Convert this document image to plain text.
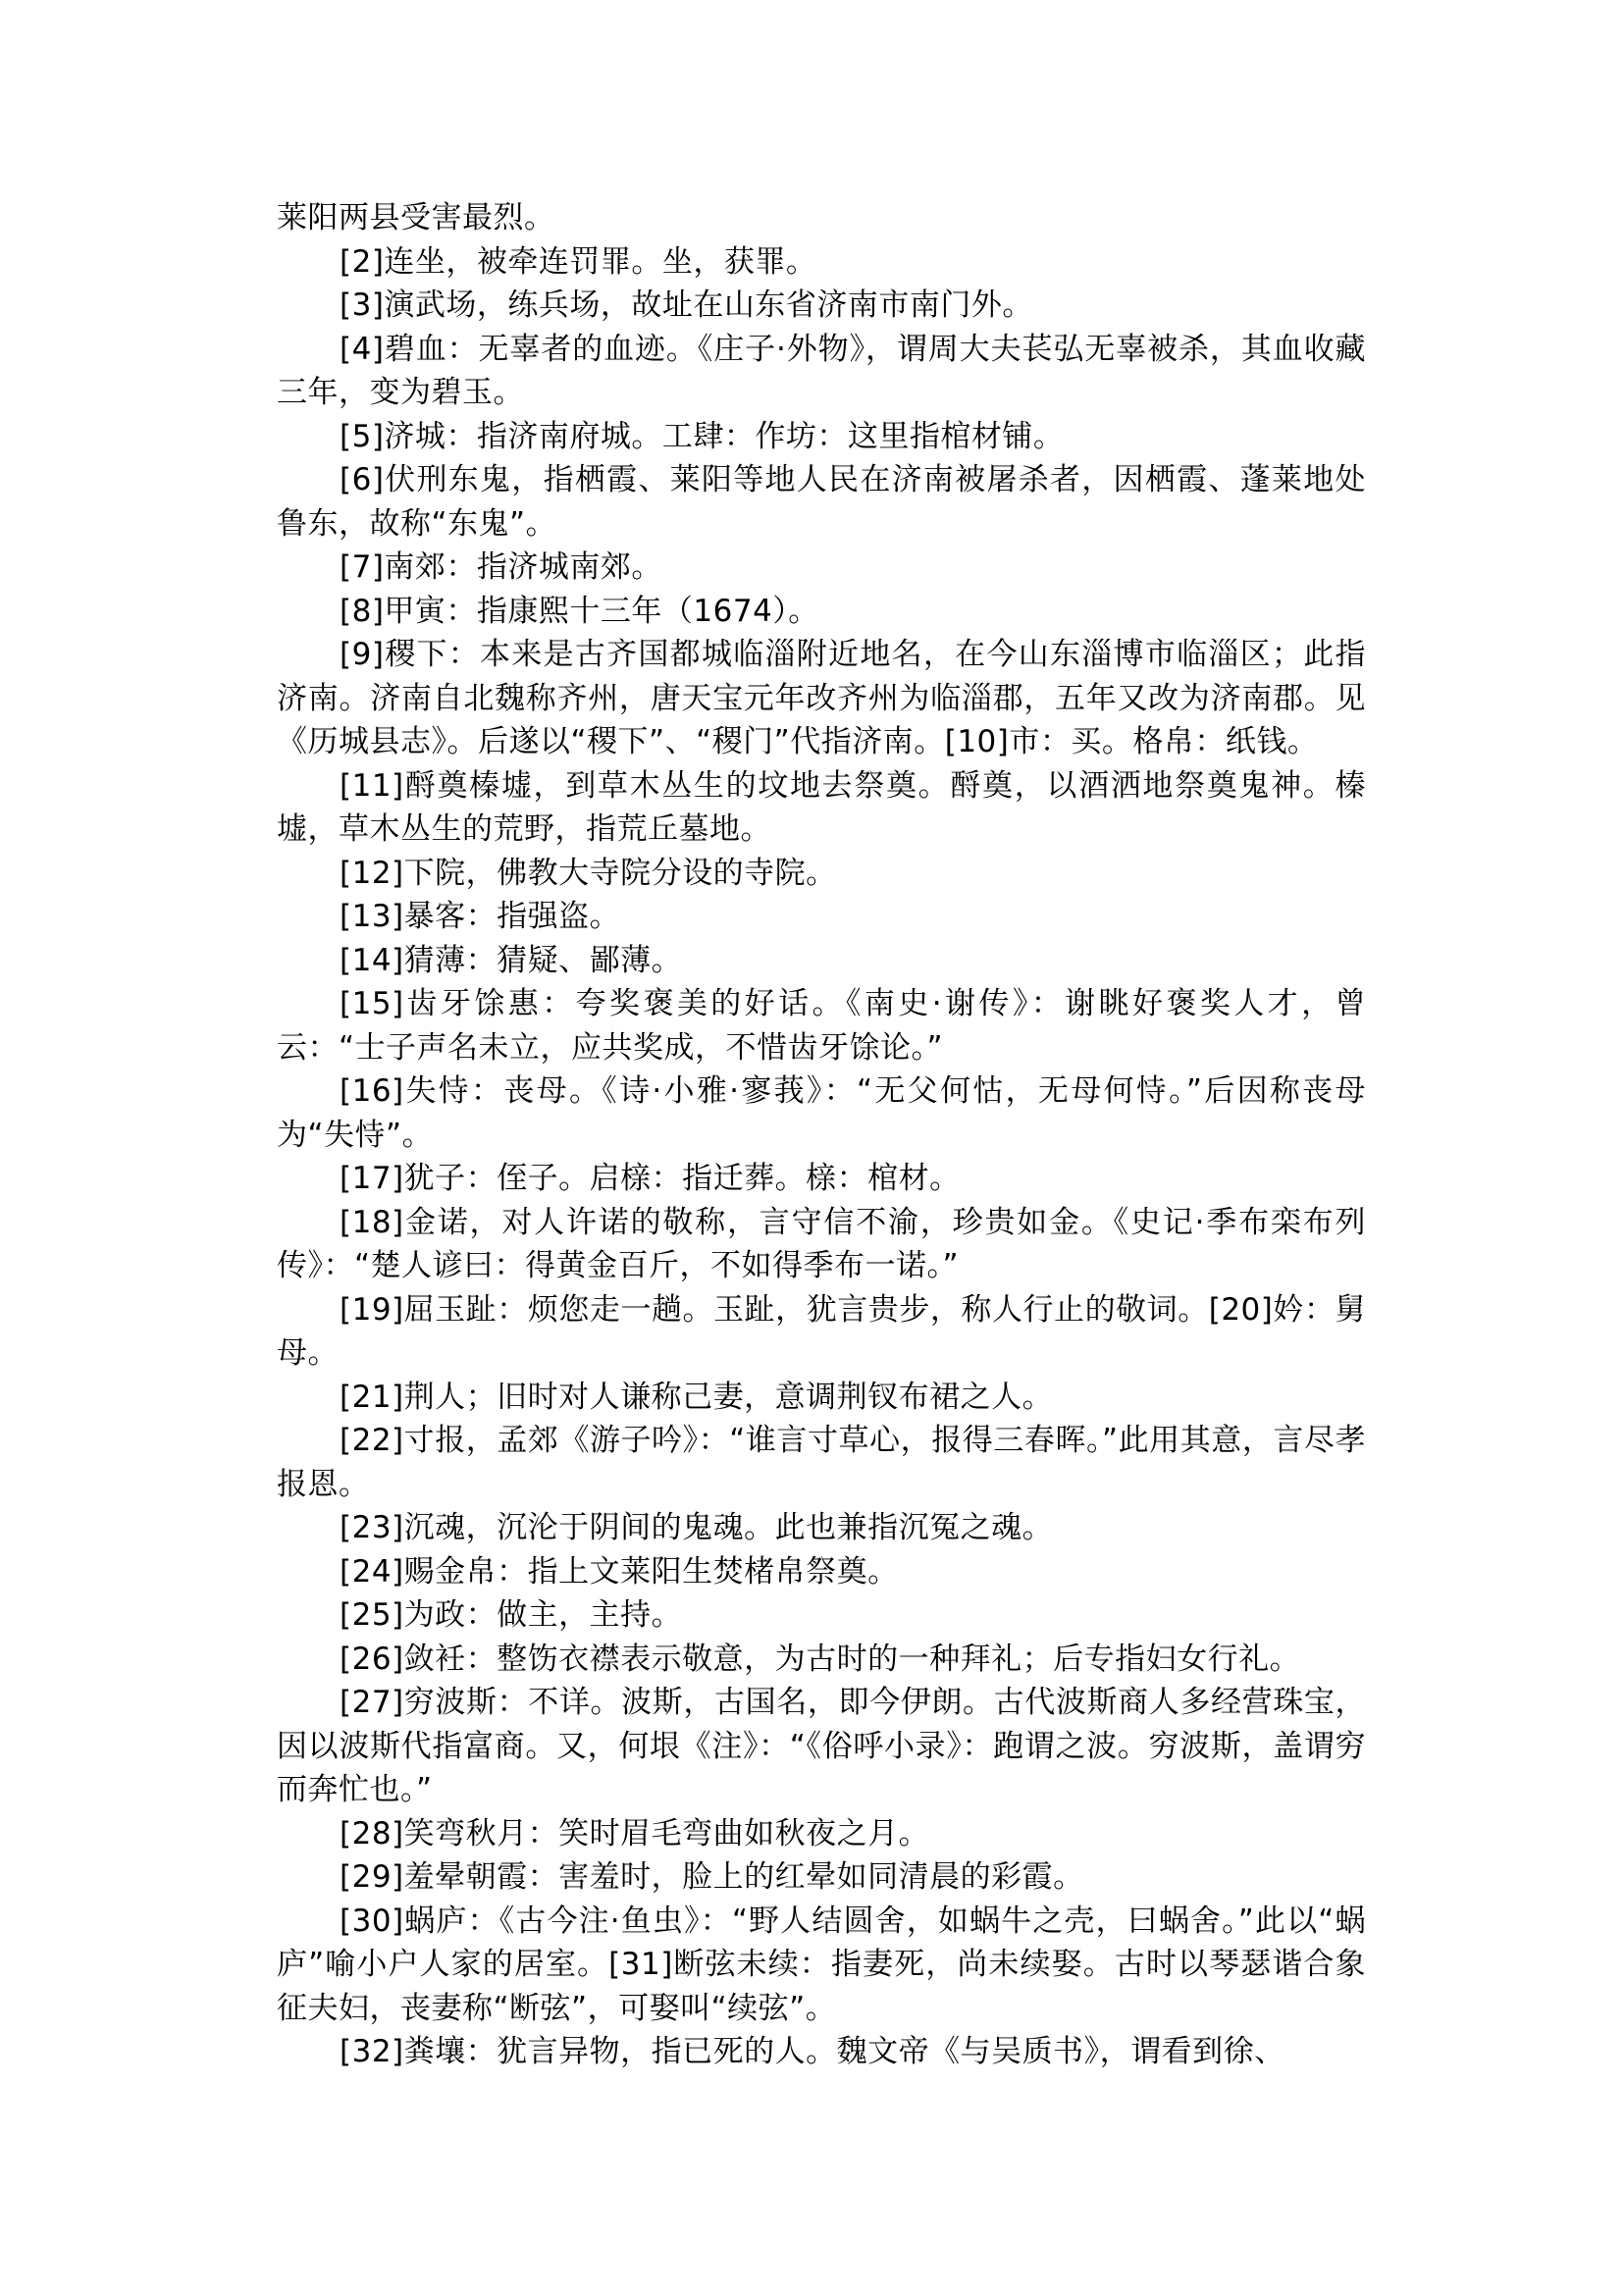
莱阳两县受害最烈。

[2]连坐，被牵连罚罪。坐，获罪。

[3]演武场，练兵场，故址在山东省济南市南门外。

[4]碧血：无辜者的血迹。《庄子·外物》，谓周大夫苌弘无辜被杀，其血收藏三年，变为碧玉。

[5]济城：指济南府城。工肆：作坊：这里指棺材铺。

[6]伏刑东鬼，指栖霞、莱阳等地人民在济南被屠杀者，因栖霞、蓬莱地处鲁东，故称“东鬼”。

[7]南郊：指济城南郊。

[8]甲寅：指康熙十三年（1674）。

[9]稷下：本来是古齐国都城临淄附近地名，在今山东淄博市临淄区；此指济南。济南自北魏称齐州，唐天宝元年改齐州为临淄郡，五年又改为济南郡。见《历城县志》。后遂以“稷下”、“稷门”代指济南。[10]市：买。格帛：纸钱。

[11]酹奠榛墟，到草木丛生的坟地去祭奠。酹奠，以酒洒地祭奠鬼神。榛墟，草木丛生的荒野，指荒丘墓地。

[12]下院，佛教大寺院分设的寺院。

[13]暴客：指强盗。

[14]猜薄：猜疑、鄙薄。

[15]齿牙馀惠：夸奖褒美的好话。《南史·谢传》：谢眺好褒奖人才，曾云：“士子声名未立，应共奖成，不惜齿牙馀论。”

[16]失恃：丧母。《诗·小雅·寥莪》：“无父何怙，无母何恃。”后因称丧母为“失恃”。

[17]犹子：侄子。启榇：指迁葬。榇：棺材。

[18]金诺，对人许诺的敬称，言守信不渝，珍贵如金。《史记·季布栾布列传》：“楚人谚曰：得黄金百斤，不如得季布一诺。”

[19]屈玉趾：烦您走一趟。玉趾，犹言贵步，称人行止的敬词。[20]妗：舅母。

[21]荆人；旧时对人谦称己妻，意调荆钗布裙之人。

[22]寸报，孟郊《游子吟》：“谁言寸草心，报得三春晖。”此用其意，言尽孝报恩。

[23]沉魂，沉沦于阴间的鬼魂。此也兼指沉冤之魂。

[24]赐金帛：指上文莱阳生焚楮帛祭奠。

[25]为政：做主，主持。

[26]敛衽：整饬衣襟表示敬意，为古时的一种拜礼；后专指妇女行礼。

[27]穷波斯：不详。波斯，古国名，即今伊朗。古代波斯商人多经营珠宝，因以波斯代指富商。又，何垠《注》：“《俗呼小录》：跑谓之波。穷波斯，盖谓穷而奔忙也。”

[28]笑弯秋月：笑时眉毛弯曲如秋夜之月。

[29]羞晕朝霞：害羞时，脸上的红晕如同清晨的彩霞。

[30]蜗庐：《古今注·鱼虫》：“野人结圆舍，如蜗牛之壳，曰蜗舍。”此以“蜗庐”喻小户人家的居室。[31]断弦未续：指妻死，尚未续娶。古时以琴瑟谐合象征夫妇，丧妻称“断弦”，可娶叫“续弦”。

[32]粪壤：犹言异物，指已死的人。魏文帝《与吴质书》，谓看到徐、
